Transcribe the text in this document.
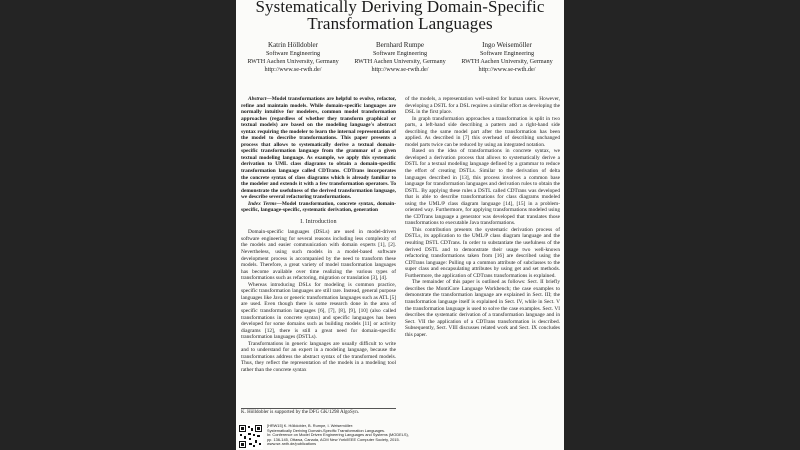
Systematically Deriving Domain-Specific
Transformation Languages
Katrin Hölldobler
Software Engineering
RWTH Aachen University, Germany
http://www.se-rwth.de/
Bernhard Rumpe
Software Engineering
RWTH Aachen University, Germany
http://www.se-rwth.de/
Ingo Weisemöller
Software Engineering
RWTH Aachen University, Germany
http://www.se-rwth.de/

Abstract—Model transformations are helpful to evolve, refactor, refine and maintain models. While domain-specific languages are normally intuitive for modelers, common model transformation approaches (regardless of whether they transform graphical or textual models) are based on the modeling language's abstract syntax requiring the modeler to learn the internal representation of the model to describe transformations. This paper presents a process that allows to systematically derive a textual domain-specific transformation language from the grammar of a given textual modeling language. As example, we apply this systematic derivation to UML class diagrams to obtain a domain-specific transformation language called CDTrans. CDTrans incorporates the concrete syntax of class diagrams which is already familiar to the modeler and extends it with a few transformation operators. To demonstrate the usefulness of the derived transformation language, we describe several refactoring transformations.

Index Terms—Model transformation, concrete syntax, domain-specific, language-specific, systematic derivation, generation

I. Introduction

Domain-specific languages (DSLs) are used in model-driven software engineering for several reasons including less complexity of the models and easier communication with domain experts [1], [2]. Nevertheless, using such models in a model-based software development process is accompanied by the need to transform these models. Therefore, a great variety of model transformation languages has become available over time realizing the various types of transformations such as refactoring, migration or translation [3], [4].

Whereas introducing DSLs for modeling is common practice, specific transformation languages are still rare. Instead, general purpose languages like Java or generic transformation languages such as ATL [5] are used. Even though there is some research done in the area of specific transformation languages [6], [7], [8], [9], [10] (also called transformations in concrete syntax) and specific languages has been developed for some domains such as building models [11] or activity diagrams [12], there is still a great need for domain-specific transformation languages (DSTLs).

Transformations in generic languages are usually difficult to write and to understand for an expert in a modeling language, because the transformations address the abstract syntax of the transformed models. Thus, they reflect the representation of the models in a modeling tool rather than the concrete syntax

of the models, a representation well-suited for human users. However, developing a DSTL for a DSL requires a similar effort as developing the DSL in the first place.

In graph transformation approaches a transformation is split in two parts, a left-hand side describing a pattern and a right-hand side describing the same model part after the transformation has been applied. As described in [7] this overhead of describing unchanged model parts twice can be reduced by using an integrated notation.

Based on the idea of transformations in concrete syntax, we developed a derivation process that allows to systematically derive a DSTL for a textual modeling language defined by a grammar to reduce the effort of creating DSTLs. Similar to the derivation of delta languages described in [13], this process involves a common base language for transformation languages and derivation rules to obtain the DSTL. By applying these rules a DSTL called CDTrans was developed that is able to describe transformations for class diagrams modeled using the UML/P class diagram language [14], [15] in a problem-oriented way. Furthermore, for applying transformations modeled using the CDTrans language a generator was developed that translates those transformations to executable Java transformations.

This contribution presents the systematic derivation process of DSTLs, its application to the UML/P class diagram language and the resulting DSTL CDTrans. In order to substantiate the usefulness of the derived DSTL and to demonstrate their usage two well-known refactoring transformations taken from [16] are described using the CDTrans language: Pulling up a common attribute of subclasses to the super class and encapsulating attributes by using get and set methods. Furthermore, the application of CDTrans transformations is explained.

The remainder of this paper is outlined as follows: Sect. II briefly describes the MontiCore Language Workbench; the case examples to demonstrate the transformation language are explained in Sect. III; the transformation language itself is explained in Sect. IV, while in Sect. V the transformation language is used to solve the case examples. Sect. VI describes the systematic derivation of a transformation language and in Sect. VII the application of a CDTrans transformation is described. Subsequently, Sect. VIII discusses related work and Sect. IX concludes this paper.

K. Hölldobler is supported by the DFG GK/1298 AlgoSyn.
[HRW15] K. Hölldobler, B. Rumpe, I. Weisemöller:
Systematically Deriving Domain-Specific Transformation Languages.
In: Conference on Model Driven Engineering Languages and Systems (MODELS),
pp. 136-145, Ottawa, Canada, ACM New York/IEEE Computer Society, 2015.
www.se-rwth.de/publications
